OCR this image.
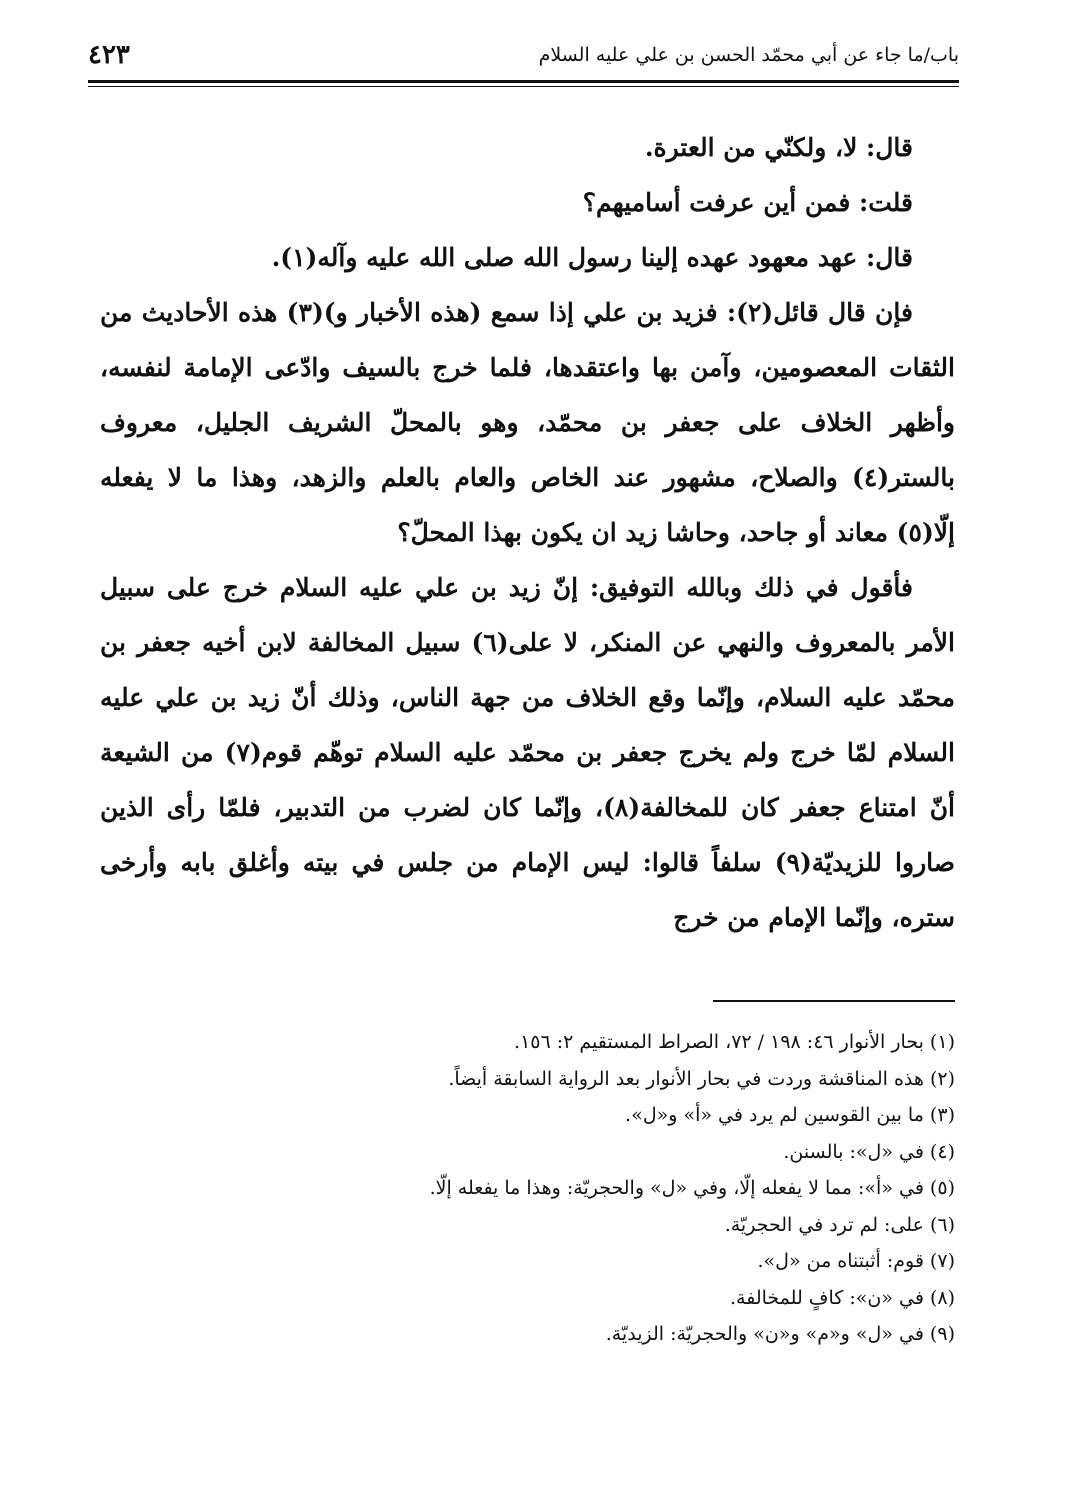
باب/ما جاء عن أبي محمّد الحسن بن علي عليه السلام
٤٢٣

قال: لا، ولكنّي من العترة.

قلت: فمن أين عرفت أساميهم؟

قال: عهد معهود عهده إلينا رسول الله صلى الله عليه وآله(١).

فإن قال قائل(٢): فزيد بن علي إذا سمع (هذه الأخبار و)(٣) هذه الأحاديث من الثقات المعصومين، وآمن بها واعتقدها، فلما خرج بالسيف وادّعى الإمامة لنفسه، وأظهر الخلاف على جعفر بن محمّد، وهو بالمحلّ الشريف الجليل، معروف بالستر(٤) والصلاح، مشهور عند الخاص والعام بالعلم والزهد، وهذا ما لا يفعله إلّا(٥) معاند أو جاحد، وحاشا زيد ان يكون بهذا المحلّ؟

فأقول في ذلك وبالله التوفيق: إنّ زيد بن علي عليه السلام خرج على سبيل الأمر بالمعروف والنهي عن المنكر، لا على(٦) سبيل المخالفة لابن أخيه جعفر بن محمّد عليه السلام، وإنّما وقع الخلاف من جهة الناس، وذلك أنّ زيد بن علي عليه السلام لمّا خرج ولم يخرج جعفر بن محمّد عليه السلام توهّم قوم(٧) من الشيعة أنّ امتناع جعفر كان للمخالفة(٨)، وإنّما كان لضرب من التدبير، فلمّا رأى الذين صاروا للزيديّة(٩) سلفاً قالوا: ليس الإمام من جلس في بيته وأغلق بابه وأرخى ستره، وإنّما الإمام من خرج

(١) بحار الأنوار ٤٦: ١٩٨ / ٧٢، الصراط المستقيم ٢: ١٥٦.

(٢) هذه المناقشة وردت في بحار الأنوار بعد الرواية السابقة أيضاً.

(٣) ما بين القوسين لم يرد في «أ» و«ل».

(٤) في «ل»: بالسنن.

(٥) في «أ»: مما لا يفعله إلّا، وفي «ل» والحجريّة: وهذا ما يفعله إلّا.

(٦) على: لم ترد في الحجريّة.

(٧) قوم: أثبتناه من «ل».

(٨) في «ن»: كافٍ للمخالفة.

(٩) في «ل» و«م» و«ن» والحجريّة: الزيديّة.
